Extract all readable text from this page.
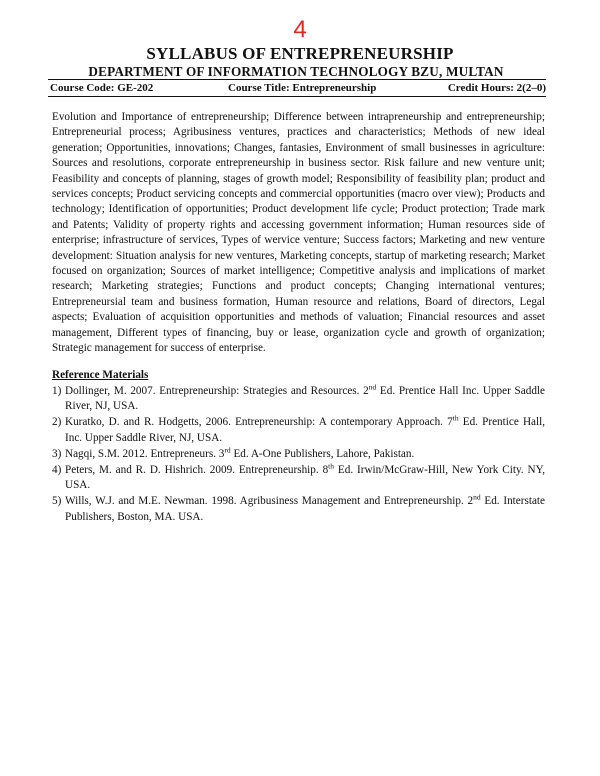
4
SYLLABUS OF ENTREPRENEURSHIP
DEPARTMENT OF INFORMATION TECHNOLOGY BZU, MULTAN
Course Code: GE-202	Course Title: Entrepreneurship	Credit Hours: 2(2–0)

Evolution and Importance of entrepreneurship; Difference between intrapreneurship and entrepreneurship; Entrepreneurial process; Agribusiness ventures, practices and characteristics; Methods of new ideal generation; Opportunities, innovations; Changes, fantasies, Environment of small businesses in agriculture: Sources and resolutions, corporate entrepreneurship in business sector. Risk failure and new venture unit; Feasibility and concepts of planning, stages of growth model; Responsibility of feasibility plan; product and services concepts; Product servicing concepts and commercial opportunities (macro over view); Products and technology; Identification of opportunities; Product development life cycle; Product protection; Trade mark and Patents; Validity of property rights and accessing government information; Human resources side of enterprise; infrastructure of services, Types of wervice venture; Success factors; Marketing and new venture development: Situation analysis for new ventures, Marketing concepts, startup of marketing research; Market focused on organization; Sources of market intelligence; Competitive analysis and implications of market research; Marketing strategies; Functions and product concepts; Changing international ventures; Entrepreneursial team and business formation, Human resource and relations, Board of directors, Legal aspects; Evaluation of acquisition opportunities and methods of valuation; Financial resources and asset management, Different types of financing, buy or lease, organization cycle and growth of organization; Strategic management for success of enterprise.

Reference Materials
1) Dollinger, M. 2007. Entrepreneurship: Strategies and Resources. 2nd Ed. Prentice Hall Inc. Upper Saddle River, NJ, USA.
2) Kuratko, D. and R. Hodgetts, 2006. Entrepreneurship: A contemporary Approach. 7th Ed. Prentice Hall, Inc. Upper Saddle River, NJ, USA.
3) Nagqi, S.M. 2012. Entrepreneurs. 3rd Ed. A-One Publishers, Lahore, Pakistan.
4) Peters, M. and R. D. Hishrich. 2009. Entrepreneurship. 8th Ed. Irwin/McGraw-Hill, New York City. NY, USA.
5) Wills, W.J. and M.E. Newman. 1998. Agribusiness Management and Entrepreneurship. 2nd Ed. Interstate Publishers, Boston, MA. USA.
